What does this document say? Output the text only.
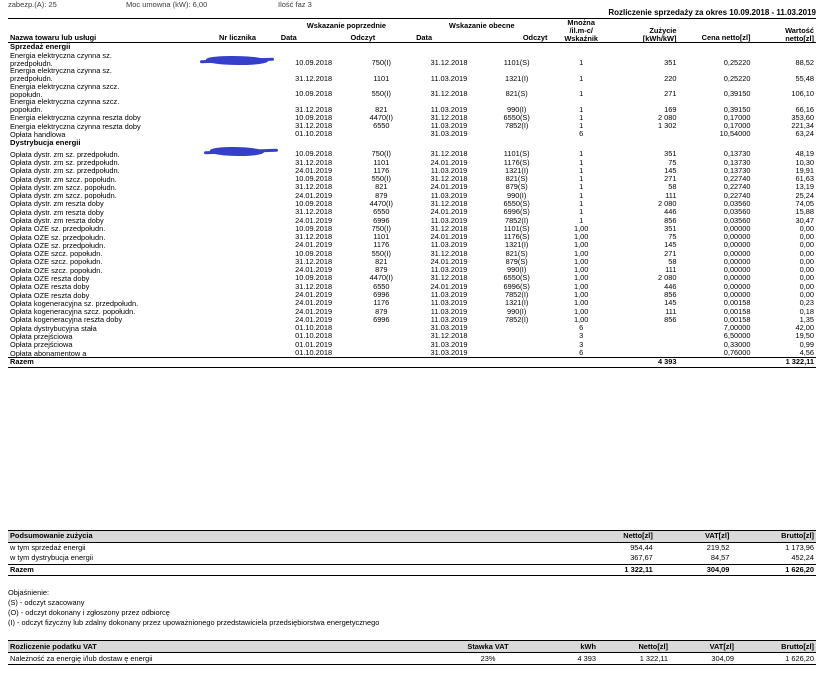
zabezp.(A): 25	Moc umowna (kW): 6,00	Ilość faz 3
Rozliczenie sprzedaży za okres 10.09.2018 - 11.03.2019
Nazwa towaru lub usługi	Nr licznika	Wskazanie poprzednie		Wskazanie obecne		Mnożna
/il.m-c/
Wskaźnik	Zużycie
[kWh/kW]	Cena netto[zl]	Wartość
netto[zl]

		Data	Odczyt	Data	Odczyt				
Sprzedaż energii									

Energia elektryczna czynna sz.
przedpołudn.		10.09.2018	750(I)	31.12.2018	1101(S)	1	351	0,25220	88,52

Energia elektryczna czynna sz.
przedpołudn.		31.12.2018	1101	11.03.2019	1321(I)	1	220	0,25220	55,48

Energia elektryczna czynna szcz.
popołudn.		10.09.2018	550(I)	31.12.2018	821(S)	1	271	0,39150	106,10

Energia elektryczna czynna szcz.
popołudn.		31.12.2018	821	11.03.2019	990(I)	1	169	0,39150	66,16

Energia elektryczna czynna reszta doby		10.09.2018	4470(I)	31.12.2018	6550(S)	1	2 080	0,17000	353,60

Energia elektryczna czynna reszta doby		31.12.2018	6550	11.03.2019	7852(I)	1	1 302	0,17000	221,34

Opłata handlowa		01.10.2018		31.03.2019		6		10,54000	63,24
Dystrybucja energii									

Opłata dystr. zm sz. przedpołudn.		10.09.2018	750(I)	31.12.2018	1101(S)	1	351	0,13730	48,19

Opłata dystr. zm sz. przedpołudn.		31.12.2018	1101	24.01.2019	1176(S)	1	75	0,13730	10,30

Opłata dystr. zm sz. przedpołudn.		24.01.2019	1176	11.03.2019	1321(I)	1	145	0,13730	19,91

Opłata dystr. zm szcz. popołudn.		10.09.2018	550(I)	31.12.2018	821(S)	1	271	0,22740	61,63

Opłata dystr. zm szcz. popołudn.		31.12.2018	821	24.01.2019	879(S)	1	58	0,22740	13,19

Opłata dystr. zm szcz. popołudn.		24.01.2019	879	11.03.2019	990(I)	1	111	0,22740	25,24

Opłata dystr. zm reszta doby		10.09.2018	4470(I)	31.12.2018	6550(S)	1	2 080	0,03560	74,05

Opłata dystr. zm reszta doby		31.12.2018	6550	24.01.2019	6996(S)	1	446	0,03560	15,88

Opłata dystr. zm reszta doby		24.01.2019	6996	11.03.2019	7852(I)	1	856	0,03560	30,47

Opłata OZE sz. przedpołudn.		10.09.2018	750(I)	31.12.2018	1101(S)	1,00	351	0,00000	0,00

Opłata OZE sz. przedpołudn.		31.12.2018	1101	24.01.2019	1176(S)	1,00	75	0,00000	0,00

Opłata OZE sz. przedpołudn.		24.01.2019	1176	11.03.2019	1321(I)	1,00	145	0,00000	0,00

Opłata OZE szcz. popołudn.		10.09.2018	550(I)	31.12.2018	821(S)	1,00	271	0,00000	0,00

Opłata OZE szcz. popołudn.		31.12.2018	821	24.01.2019	879(S)	1,00	58	0,00000	0,00

Opłata OZE szcz. popołudn.		24.01.2019	879	11.03.2019	990(I)	1,00	111	0,00000	0,00

Opłata OZE reszta doby		10.09.2018	4470(I)	31.12.2018	6550(S)	1,00	2 080	0,00000	0,00

Opłata OZE reszta doby		31.12.2018	6550	24.01.2019	6996(S)	1,00	446	0,00000	0,00

Opłata OZE reszta doby		24.01.2019	6996	11.03.2019	7852(I)	1,00	856	0,00000	0,00

Opłata kogeneracyjna sz. przedpołudn.		24.01.2019	1176	11.03.2019	1321(I)	1,00	145	0,00158	0,23

Opłata kogeneracyjna szcz. popołudn.		24.01.2019	879	11.03.2019	990(I)	1,00	111	0,00158	0,18

Opłata kogeneracyjna reszta doby		24.01.2019	6996	11.03.2019	7852(I)	1,00	856	0,00158	1,35

Opłata dystrybucyjna stała		01.10.2018		31.03.2019		6		7,00000	42,00

Opłata przejściowa		01.10.2018		31.12.2018		3		6,50000	19,50

Opłata przejściowa		01.01.2019		31.03.2019		3		0,33000	0,99

Opłata abonamentow a		01.10.2018		31.03.2019		6		0,76000	4,56
Razem							4 393		1 322,11
Podsumowanie zużycia	Netto[zl]	VAT[zl]	Brutto[zl]
w tym sprzedaż energii	954,44	219,52	1 173,96
w tym dystrybucja energii	367,67	84,57	452,24
Razem	1 322,11	304,09	1 626,20
Objaśnienie:
(S) - odczyt szacowany
(O) - odczyt dokonany i zgłoszony przez odbiorcę
(I) - odczyt fizyczny lub zdalny dokonany przez upoważnionego przedstawiciela przedsiębiorstwa energetycznego
Rozliczenie podatku VAT	Stawka VAT	kWh	Netto[zl]	VAT[zl]	Brutto[zl]
Należność za energię i/lub dostaw ę energii	23%	4 393	1 322,11	304,09	1 626,20
